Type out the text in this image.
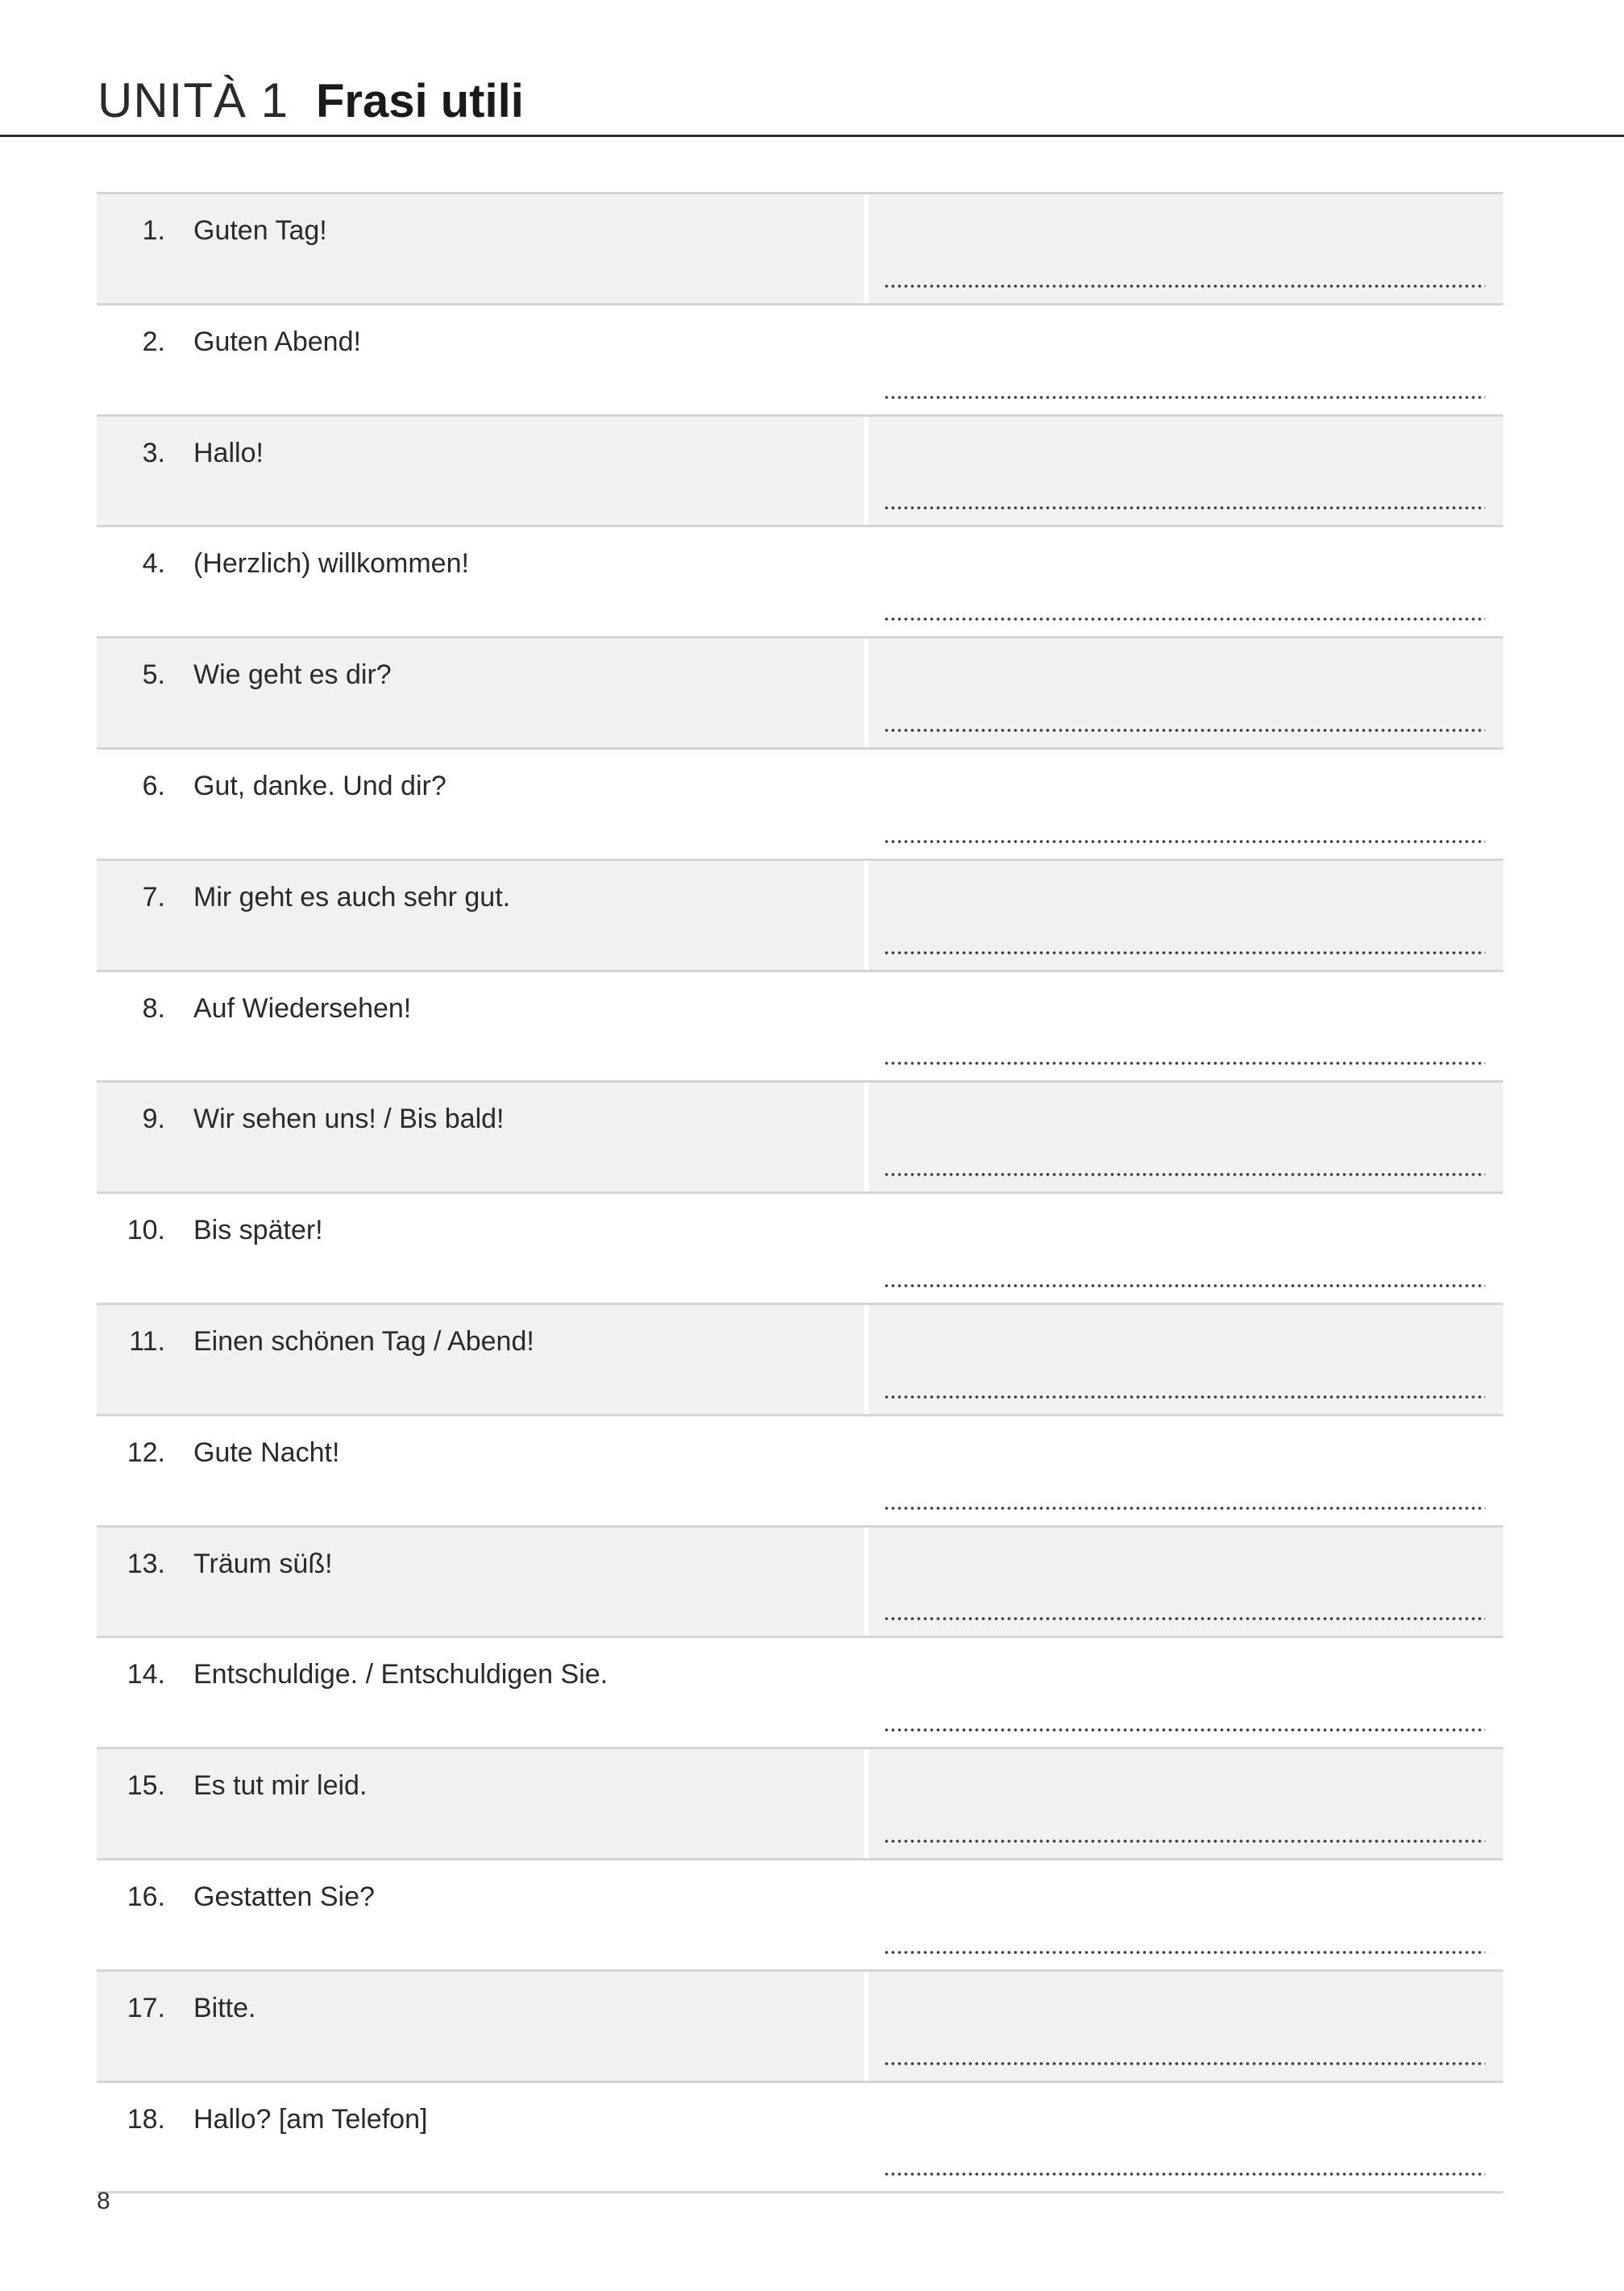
UNITÀ 1 Frasi utili
1. Guten Tag!
2. Guten Abend!
3. Hallo!
4. (Herzlich) willkommen!
5. Wie geht es dir?
6. Gut, danke. Und dir?
7. Mir geht es auch sehr gut.
8. Auf Wiedersehen!
9. Wir sehen uns! / Bis bald!
10. Bis später!
11. Einen schönen Tag / Abend!
12. Gute Nacht!
13. Träum süß!
14. Entschuldige. / Entschuldigen Sie.
15. Es tut mir leid.
16. Gestatten Sie?
17. Bitte.
18. Hallo? [am Telefon]
8
